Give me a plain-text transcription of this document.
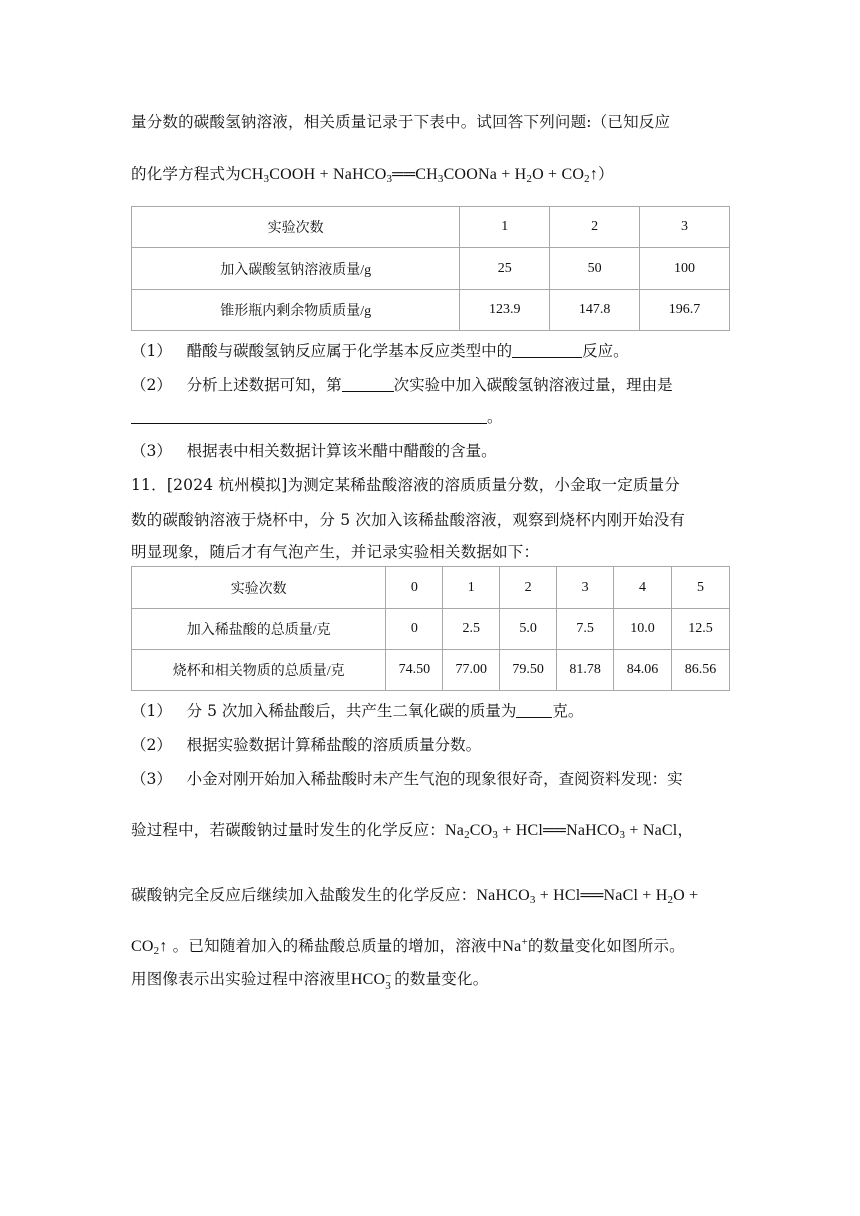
量分数的碳酸氢钠溶液，相关质量记录于下表中。试回答下列问题:（已知反应
的化学方程式为$CH_3COOH$ + $NaHCO_3══CH_3COONa + H_2O$ + $CO_2↑$）
实验次数	1	2	3
加入碳酸氢钠溶液质量/g	25	50	100
锥形瓶内剩余物质质量/g	123.9	147.8	196.7
（1） 醋酸与碳酸氢钠反应属于化学基本反应类型中的	反应。
（2） 分析上述数据可知，第	次实验中加入碳酸氢钠溶液过量，理由是
。
（3） 根据表中相关数据计算该米醋中醋酸的含量。
11．[2024 杭州模拟]为测定某稀盐酸溶液的溶质质量分数，小金取一定质量分
数的碳酸钠溶液于烧杯中，分 5 次加入该稀盐酸溶液，观察到烧杯内刚开始没有
明显现象，随后才有气泡产生，并记录实验相关数据如下：
实验次数	0	1	2	3	4	5
加入稀盐酸的总质量/克	0	2.5	5.0	7.5	10.0	12.5
烧杯和相关物质的总质量/克	74.50	77.00	79.50	81.78	84.06	86.56
（1） 分 5 次加入稀盐酸后，共产生二氧化碳的质量为 克。
（2） 根据实验数据计算稀盐酸的溶质质量分数。
（3） 小金对刚开始加入稀盐酸时未产生气泡的现象很好奇，查阅资料发现：实
验过程中，若碳酸钠过量时发生的化学反应：$Na_2CO_3$ + HCl══NaHCO$_3$ + NaCl，
碳酸钠完全反应后继续加入盐酸发生的化学反应：NaHCO$_3$ + HCl══NaCl + $H_2O$ +
$CO_2↑$ 。已知随着加入的稀盐酸总质量的增加，溶液中Na+的数量变化如图所示。
用图像表示出实验过程中溶液里HCO −
3 的数量变化。
